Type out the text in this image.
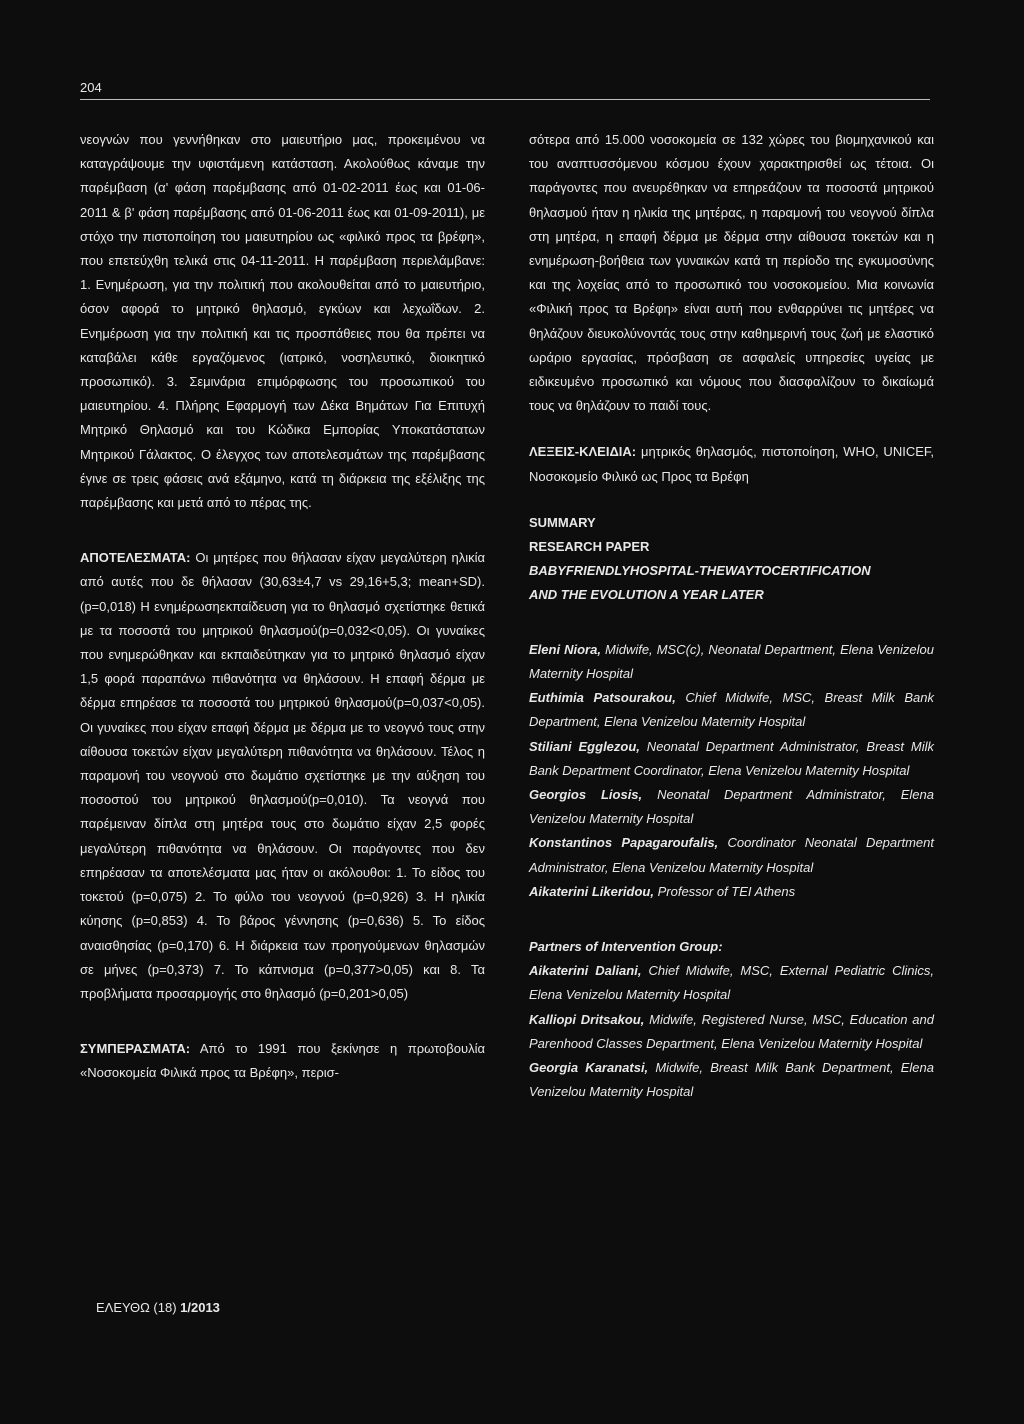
204

νεογνών που γεννήθηκαν στο μαιευτήριο μας, προκειμένου να καταγράψουμε την υφιστάμενη κατάσταση. Ακολούθως κάναμε την παρέμβαση (α' φάση παρέμβασης από 01-02-2011 έως και 01-06-2011 & β' φάση παρέμβασης από 01-06-2011 έως και 01-09-2011), με στόχο την πιστοποίηση του μαιευτηρίου ως «φιλικό προς τα βρέφη», που επετεύχθη τελικά στις 04-11-2011. Η παρέμβαση περιελάμβανε: 1. Ενημέρωση, για την πολιτική που ακολουθείται από το μαιευτήριο, όσον αφορά το μητρικό θηλασμό, εγκύων και λεχωΐδων. 2. Ενημέρωση για την πολιτική και τις προσπάθειες που θα πρέπει να καταβάλει κάθε εργαζόμενος (ιατρικό, νοσηλευτικό, διοικητικό προσωπικό). 3. Σεμινάρια επιμόρφωσης του προσωπικού του μαιευτηρίου. 4. Πλήρης Εφαρμογή των Δέκα Βημάτων Για Επιτυχή Μητρικό Θηλασμό και του Κώδικα Εμπορίας Υποκατάστατων Μητρικού Γάλακτος. Ο έλεγχος των αποτελεσμάτων της παρέμβασης έγινε σε τρεις φάσεις ανά εξάμηνο, κατά τη διάρκεια της εξέλιξης της παρέμβασης και μετά από το πέρας της.

ΑΠΟΤΕΛΕΣΜΑΤΑ: Οι μητέρες που θήλασαν είχαν μεγαλύτερη ηλικία από αυτές που δε θήλασαν (30,63±4,7 vs 29,16+5,3; mean+SD). (p=0,018) Η ενημέρωσηεκπαίδευση για το θηλασμό σχετίστηκε θετικά με τα ποσοστά του μητρικού θηλασμού(p=0,032<0,05). Οι γυναίκες που ενημερώθηκαν και εκπαιδεύτηκαν για το μητρικό θηλασμό είχαν 1,5 φορά παραπάνω πιθανότητα να θηλάσουν. Η επαφή δέρμα με δέρμα επηρέασε τα ποσοστά του μητρικού θηλασμού(p=0,037<0,05). Οι γυναίκες που είχαν επαφή δέρμα με δέρμα με το νεογνό τους στην αίθουσα τοκετών είχαν μεγαλύτερη πιθανότητα να θηλάσουν. Τέλος η παραμονή του νεογνού στο δωμάτιο σχετίστηκε με την αύξηση του ποσοστού του μητρικού θηλασμού(p=0,010). Τα νεογνά που παρέμειναν δίπλα στη μητέρα τους στο δωμάτιο είχαν 2,5 φορές μεγαλύτερη πιθανότητα να θηλάσουν. Οι παράγοντες που δεν επηρέασαν τα αποτελέσματα μας ήταν οι ακόλουθοι: 1. Το είδος του τοκετού (p=0,075) 2. Το φύλο του νεογνού (p=0,926) 3. Η ηλικία κύησης (p=0,853) 4. Το βάρος γέννησης (p=0,636) 5. Το είδος αναισθησίας (p=0,170) 6. Η διάρκεια των προηγούμενων θηλασμών σε μήνες (p=0,373) 7. Το κάπνισμα (p=0,377>0,05) και 8. Τα προβλήματα προσαρμογής στο θηλασμό (p=0,201>0,05)

ΣΥΜΠΕΡΑΣΜΑΤΑ: Από το 1991 που ξεκίνησε η πρωτοβουλία «Νοσοκομεία Φιλικά προς τα Βρέφη», περισ-

σότερα από 15.000 νοσοκομεία σε 132 χώρες του βιομηχανικού και του αναπτυσσόμενου κόσμου έχουν χαρακτηρισθεί ως τέτοια. Οι παράγοντες που ανευρέθηκαν να επηρεάζουν τα ποσοστά μητρικού θηλασμού ήταν η ηλικία της μητέρας, η παραμονή του νεογνού δίπλα στη μητέρα, η επαφή δέρμα με δέρμα στην αίθουσα τοκετών και η ενημέρωση-βοήθεια των γυναικών κατά τη περίοδο της εγκυμοσύνης και της λοχείας από το προσωπικό του νοσοκομείου. Μια κοινωνία «Φιλική προς τα Βρέφη» είναι αυτή που ενθαρρύνει τις μητέρες να θηλάζουν διευκολύνοντάς τους στην καθημερινή τους ζωή με ελαστικό ωράριο εργασίας, πρόσβαση σε ασφαλείς υπηρεσίες υγείας με ειδικευμένο προσωπικό και νόμους που διασφαλίζουν το δικαίωμά τους να θηλάζουν το παιδί τους.

ΛΕΞΕΙΣ-ΚΛΕΙΔΙΑ: μητρικός θηλασμός, πιστοποίηση, WHO, UNICEF, Νοσοκομείο Φιλικό ως Προς τα Βρέφη

SUMMARY
RESEARCH PAPER
BABYFRIENDLYHOSPITAL-THEWAYTOCERTIFICATION
AND THE EVOLUTION A YEAR LATER

Eleni Niora, Midwife, MSC(c), Neonatal Department, Elena Venizelou Maternity Hospital

Euthimia Patsourakou, Chief Midwife, MSC, Breast Milk Bank Department, Elena Venizelou Maternity Hospital

Stiliani Egglezou, Neonatal Department Administrator, Breast Milk Bank Department Coordinator, Elena Venizelou Maternity Hospital

Georgios Liosis, Neonatal Department Administrator, Elena Venizelou Maternity Hospital

Konstantinos Papagaroufalis, Coordinator Neonatal Department Administrator, Elena Venizelou Maternity Hospital

Aikaterini Likeridou, Professor of TEI Athens

Partners of Intervention Group:

Aikaterini Daliani, Chief Midwife, MSC, External Pediatric Clinics, Elena Venizelou Maternity Hospital

Kalliopi Dritsakou, Midwife, Registered Nurse, MSC, Education and Parenhood Classes Department, Elena Venizelou Maternity Hospital

Georgia Karanatsi, Midwife, Breast Milk Bank Department, Elena Venizelou Maternity Hospital

ΕΛΕΥΘΩ (18) 1/2013
